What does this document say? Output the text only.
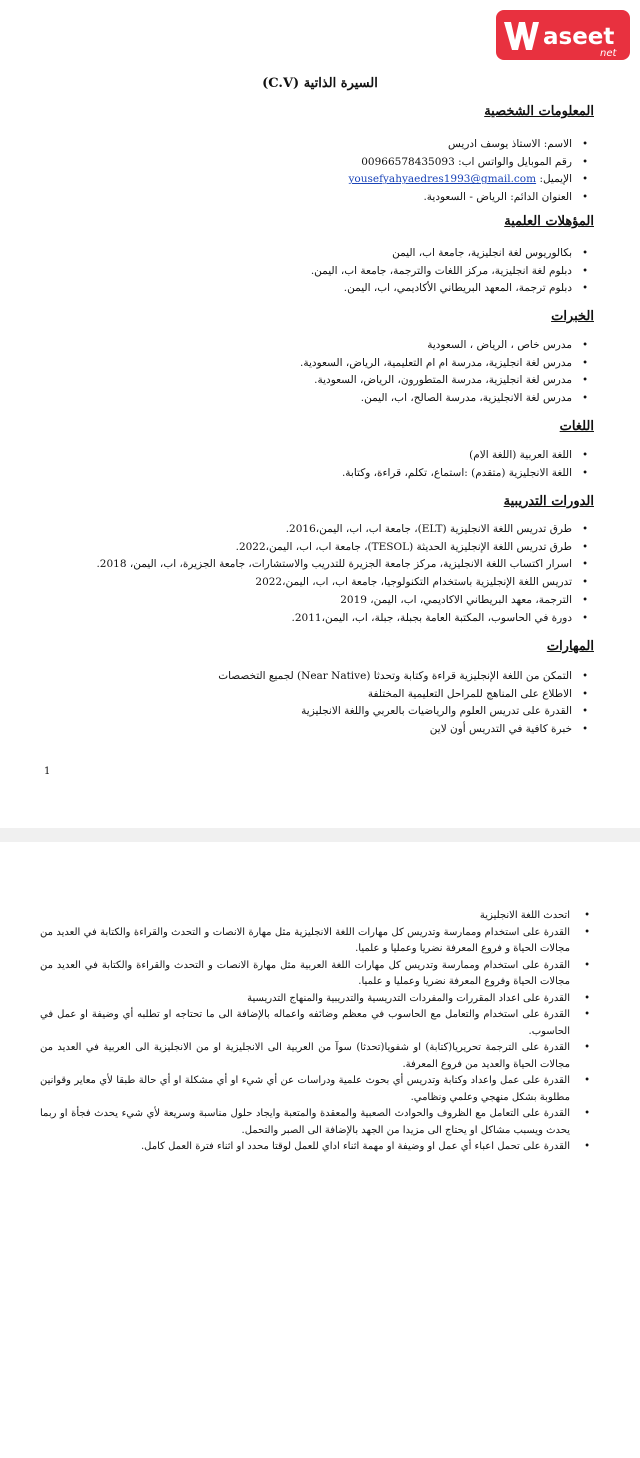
aseet
net
السيرة الذاتية (C.V)
المعلومات الشخصية
• الاسم: الاستاذ يوسف ادريس
• رقم الموبايل والواتس اب: 00966578435093
• الإيميل: yousefyahyaedres1993@gmail.com
• العنوان الدائم: الرياض - السعودية.
المؤهلات العلمية
• بكالوريوس لغة انجليزية، جامعة اب، اليمن
• دبلوم لغة انجليزية، مركز اللغات والترجمة، جامعة اب، اليمن.
• دبلوم ترجمة، المعهد البريطاني الأكاديمي، اب، اليمن.
الخبرات
• مدرس خاص ، الرياض ، السعودية
• مدرس لغة انجليزية، مدرسة ام ام التعليمية، الرياض، السعودية.
• مدرس لغة انجليزية، مدرسة المتطورون، الرياض، السعودية.
• مدرس لغة الانجليزية، مدرسة الصالح، اب، اليمن.
اللغات
• اللغة العربية (اللغة الام)
• اللغة الانجليزية (متقدم) :استماع، تكلم، قراءة، وكتابة.
الدورات التدريبية
• طرق تدريس اللغة الانجليزية (ELT)، جامعة اب، اب، اليمن،2016.
• طرق تدريس اللغة الإنجليزية الحديثة (TESOL)، جامعة اب، اب، اليمن،2022.
• اسرار اكتساب اللغة الانجليزية، مركز جامعة الجزيرة للتدريب والاستشارات، جامعة الجزيرة، اب، اليمن، 2018.
• تدريس اللغة الإنجليزية باستخدام التكنولوجيا، جامعة اب، اب، اليمن،2022
• الترجمة، معهد البريطاني الاكاديمي، اب، اليمن، 2019
• دورة في الحاسوب، المكتبة العامة بجبلة، جبلة، اب، اليمن،2011.
المهارات
• التمكن من اللغة الإنجليزية قراءة وكتابة وتحدثا (Near Native) لجميع التخصصات
• الاطلاع على المناهج للمراحل التعليمية المختلفة
• القدرة على تدريس العلوم والرياضيات بالعربي واللغة الانجليزية
• خبرة كافية في التدريس أون لاين
1
• اتحدث اللغة الانجليزية
• القدرة على استخدام وممارسة وتدريس كل مهارات اللغة الانجليزية مثل مهارة الانصات و التحدث والقراءة والكتابة في العديد من مجالات الحياة و فروع المعرفة نضريا وعمليا و علميا.
• القدرة على استخدام وممارسة وتدريس كل مهارات اللغة العربية مثل مهارة الانصات و التحدث والقراءة والكتابة في العديد من مجالات الحياة وفروع المعرفة نضريا وعمليا و علميا.
• القدرة على اعداد المقررات والمفردات التدريسية والتدريبية والمنهاج التدريسية
• القدرة على استخدام والتعامل مع الحاسوب في معظم وضائفه واعماله بالإضافة الى ما تحتاجه او تطلبه أي وضيفة او عمل في الحاسوب.
• القدرة على الترجمة تحريريا(كتابة) او شفويا(تحدثا) سوآ من العربية الى الانجليزية او من الانجليزية الى العربية في العديد من مجالات الحياة والعديد من فروع المعرفة.
• القدرة على عمل واعداد وكتابة وتدريس أي بحوث علمية ودراسات عن أي شيء او أي مشكلة او أي حالة طبقا لأي معاير وقوانين مطلوبة بشكل منهجي وعلمي ونظامي.
• القدرة على التعامل مع الظروف والحوادث الصعبية والمعقدة والمتعبة وايجاد حلول مناسبة وسريعة لأي شيء يحدث فجأة او ربما يحدث ويسبب مشاكل او يحتاج الى مزيدا من الجهد بالإضافة الى الصبر والتحمل.
• القدرة على تحمل اعباء أي عمل او وضيفة او مهمة اثناء اداي للعمل لوقتا محدد او اثناء فترة العمل كامل.
